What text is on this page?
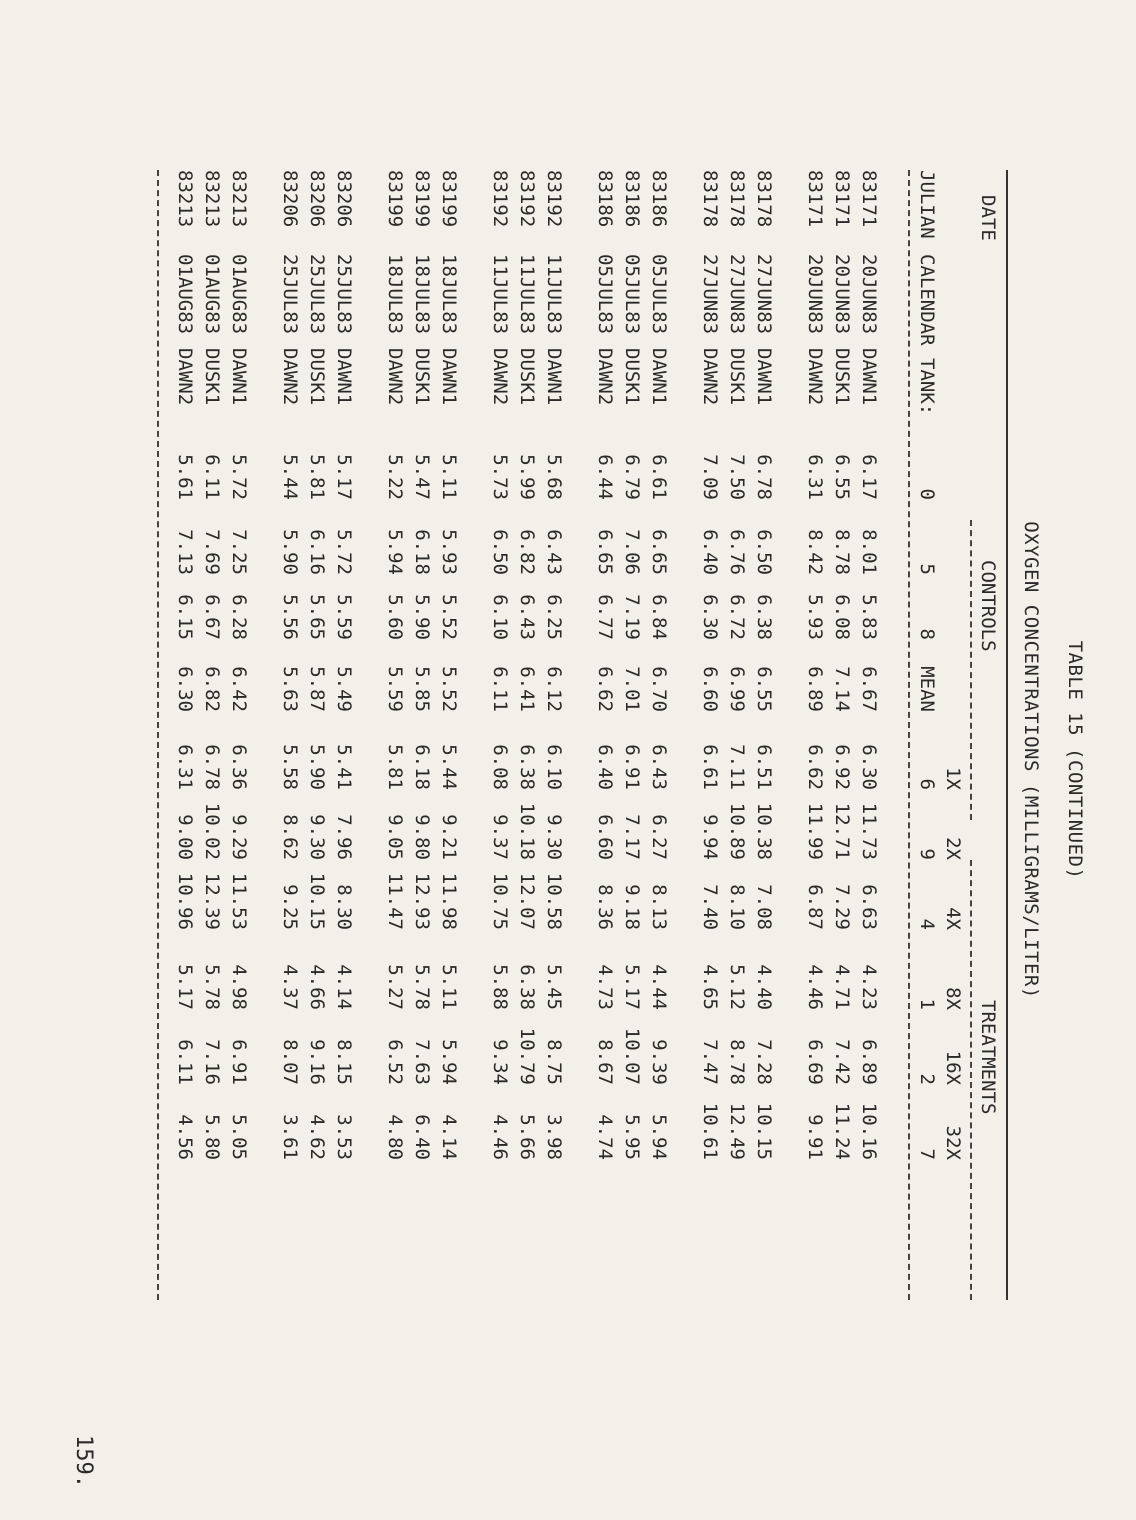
159.
TABLE 15 (CONTINUED)
OXYGEN CONCENTRATIONS (MILLIGRAMS/LITER)
DATE
CONTROLS
TREATMENTS
JULIAN
CALENDAR
TANK:
83171
20JUN83
DAWN1
6.17
8.01
5.83
6.67
6.30
11.73
6.63
4.23
6.89
10.16
83171
20JUN83
DUSK1
6.55
8.78
6.08
7.14
6.92
12.71
7.29
4.71
7.42
11.24
83171
20JUN83
DAWN2
6.31
8.42
5.93
6.89
6.62
11.99
6.87
4.46
6.69
9.91
83178
27JUN83
DAWN1
6.78
6.50
6.38
6.55
6.51
10.38
7.08
4.40
7.28
10.15
83178
27JUN83
DUSK1
7.50
6.76
6.72
6.99
7.11
10.89
8.10
5.12
8.78
12.49
83178
27JUN83
DAWN2
7.09
6.40
6.30
6.60
6.61
9.94
7.40
4.65
7.47
10.61
83186
05JUL83
DAWN1
6.61
6.65
6.84
6.70
6.43
6.27
8.13
4.44
9.39
5.94
83186
05JUL83
DUSK1
6.79
7.06
7.19
7.01
6.91
7.17
9.18
5.17
10.07
5.95
83186
05JUL83
DAWN2
6.44
6.65
6.77
6.62
6.40
6.60
8.36
4.73
8.67
4.74
83192
11JUL83
DAWN1
5.68
6.43
6.25
6.12
6.10
9.30
10.58
5.45
8.75
3.98
83192
11JUL83
DUSK1
5.99
6.82
6.43
6.41
6.38
10.18
12.07
6.38
10.79
5.66
83192
11JUL83
DAWN2
5.73
6.50
6.10
6.11
6.08
9.37
10.75
5.88
9.34
4.46
83199
18JUL83
DAWN1
5.11
5.93
5.52
5.52
5.44
9.21
11.98
5.11
5.94
4.14
83199
18JUL83
DUSK1
5.47
6.18
5.90
5.85
6.18
9.80
12.93
5.78
7.63
6.40
83199
18JUL83
DAWN2
5.22
5.94
5.60
5.59
5.81
9.05
11.47
5.27
6.52
4.80
83206
25JUL83
DAWN1
5.17
5.72
5.59
5.49
5.41
7.96
8.30
4.14
8.15
3.53
83206
25JUL83
DUSK1
5.81
6.16
5.65
5.87
5.90
9.30
10.15
4.66
9.16
4.62
83206
25JUL83
DAWN2
5.44
5.90
5.56
5.63
5.58
8.62
9.25
4.37
8.07
3.61
83213
01AUG83
DAWN1
5.72
7.25
6.28
6.42
6.36
9.29
11.53
4.98
6.91
5.05
83213
01AUG83
DUSK1
6.11
7.69
6.67
6.82
6.78
10.02
12.39
5.78
7.16
5.80
83213
01AUG83
DAWN2
5.61
7.13
6.15
6.30
6.31
9.00
10.96
5.17
6.11
4.56
1X
2X
4X
8X
16X
32X
0
5
8
MEAN
6
9
4
1
2
7
